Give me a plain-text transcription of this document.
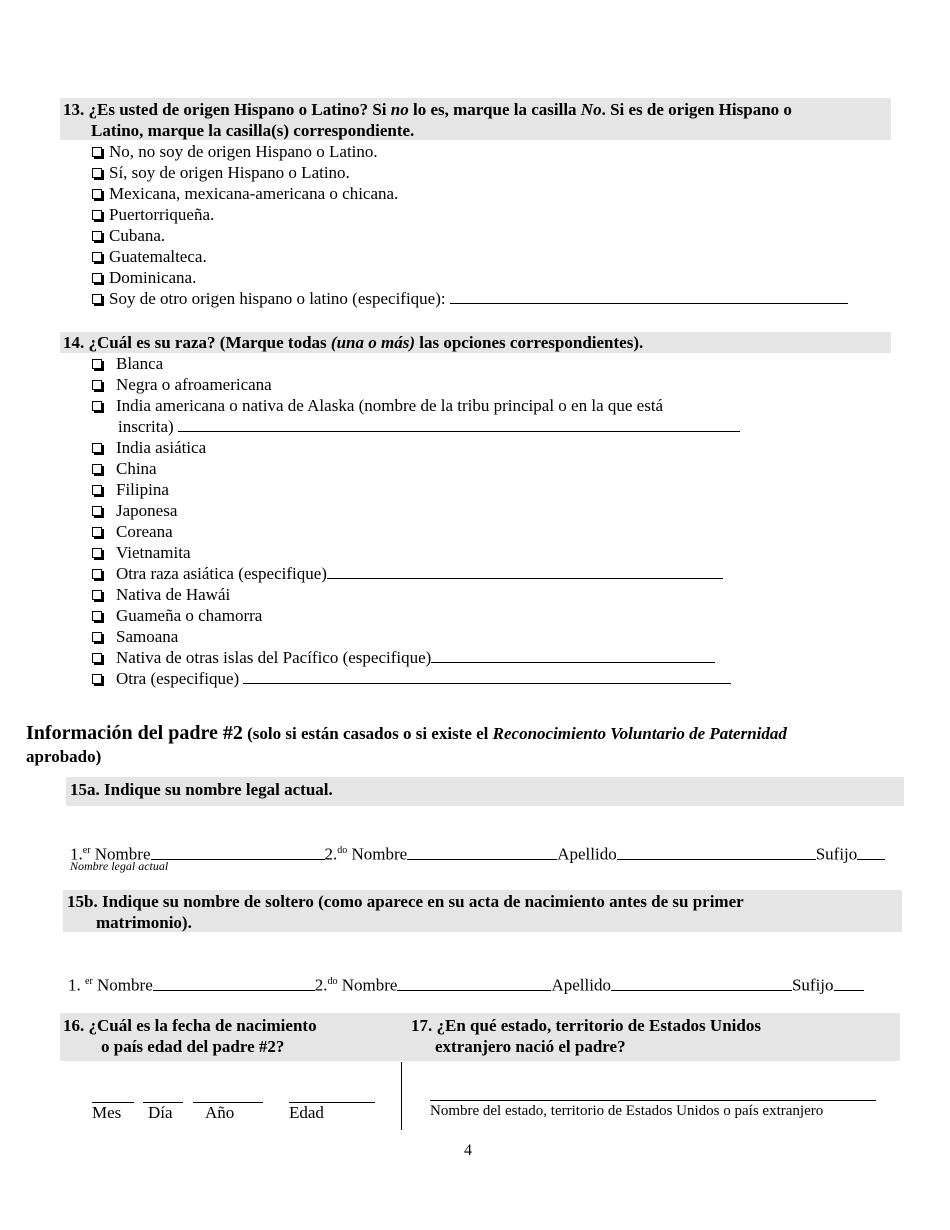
13. ¿Es usted de origen Hispano o Latino? Si no lo es, marque la casilla No. Si es de origen Hispano o
Latino, marque la casilla(s) correspondiente.
No, no soy de origen Hispano o Latino.
Sí, soy de origen Hispano o Latino.
Mexicana, mexicana-americana o chicana.
Puertorriqueña.
Cubana.
Guatemalteca.
Dominicana.
Soy de otro origen hispano o latino (especifique):
14. ¿Cuál es su raza? (Marque todas (una o más) las opciones correspondientes).
Blanca
Negra o afroamericana
India americana o nativa de Alaska (nombre de la tribu principal o en la que está
inscrita)
India asiática
China
Filipina
Japonesa
Coreana
Vietnamita
Otra raza asiática (especifique)
Nativa de Hawái
Guameña o chamorra
Samoana
Nativa de otras islas del Pacífico (especifique)
Otra (especifique)
Información del padre #2 (solo si están casados o si existe el Reconocimiento Voluntario de Paternidad
aprobado)
15a. Indique su nombre legal actual.
1.$^{er}$ Nombre	2.$^{do}$ Nombre	Apellido	Sufijo
Nombre legal actual
15b. Indique su nombre de soltero (como aparece en su acta de nacimiento antes de su primer
matrimonio).
1. $^{er}$ Nombre	2.$^{do}$ Nombre	Apellido	Sufijo
16. ¿Cuál es la fecha de nacimiento
o país edad del padre #2?
17. ¿En qué estado, territorio de Estados Unidos
extranjero nació el padre?
Mes Día Año	Edad	Nombre del estado, territorio de Estados Unidos o país extranjero
4
